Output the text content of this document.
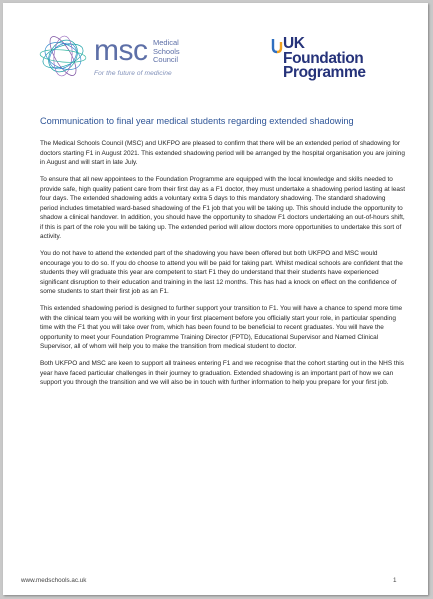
msc Medical
Schools
Council
For the future of medicine
UK
Foundation
Programme
Communication to final year medical students regarding extended shadowing

The Medical Schools Council (MSC) and UKFPO are pleased to confirm that there will be an extended period of shadowing for doctors starting F1 in August 2021. This extended shadowing period will be arranged by the hospital organisation you are joining in August and will start in late July.

To ensure that all new appointees to the Foundation Programme are equipped with the local knowledge and skills needed to provide safe, high quality patient care from their first day as a F1 doctor, they must undertake a shadowing period lasting at least four days. The extended shadowing adds a voluntary extra 5 days to this mandatory shadowing. The standard shadowing period includes timetabled ward-based shadowing of the F1 job that you will be taking up. This should include the opportunity to shadow a clinical handover. In addition, you should have the opportunity to shadow F1 doctors undertaking an out-of-hours shift, if this is part of the role you will be taking up. The extended period will allow doctors more opportunities to undertake this sort of activity.

You do not have to attend the extended part of the shadowing you have been offered but both UKFPO and MSC would encourage you to do so. If you do choose to attend you will be paid for taking part. Whilst medical schools are confident that the students they will graduate this year are competent to start F1 they do understand that their students have experienced significant disruption to their education and training in the last 12 months. This has had a knock on effect on the confidence of some students to start their first job as an F1.

This extended shadowing period is designed to further support your transition to F1. You will have a chance to spend more time with the clinical team you will be working with in your first placement before you officially start your role, in particular spending time with the F1 that you will take over from, which has been found to be beneficial to recent graduates. You will have the opportunity to meet your Foundation Programme Training Director (FPTD), Educational Supervisor and Named Clinical Supervisor, all of whom will help you to make the transition from medical student to doctor.

Both UKFPO and MSC are keen to support all trainees entering F1 and we recognise that the cohort starting out in the NHS this year have faced particular challenges in their journey to graduation. Extended shadowing is an important part of how we can support you through the transition and we will also be in touch with further information to help you prepare for your first job.

www.medschools.ac.uk	1
